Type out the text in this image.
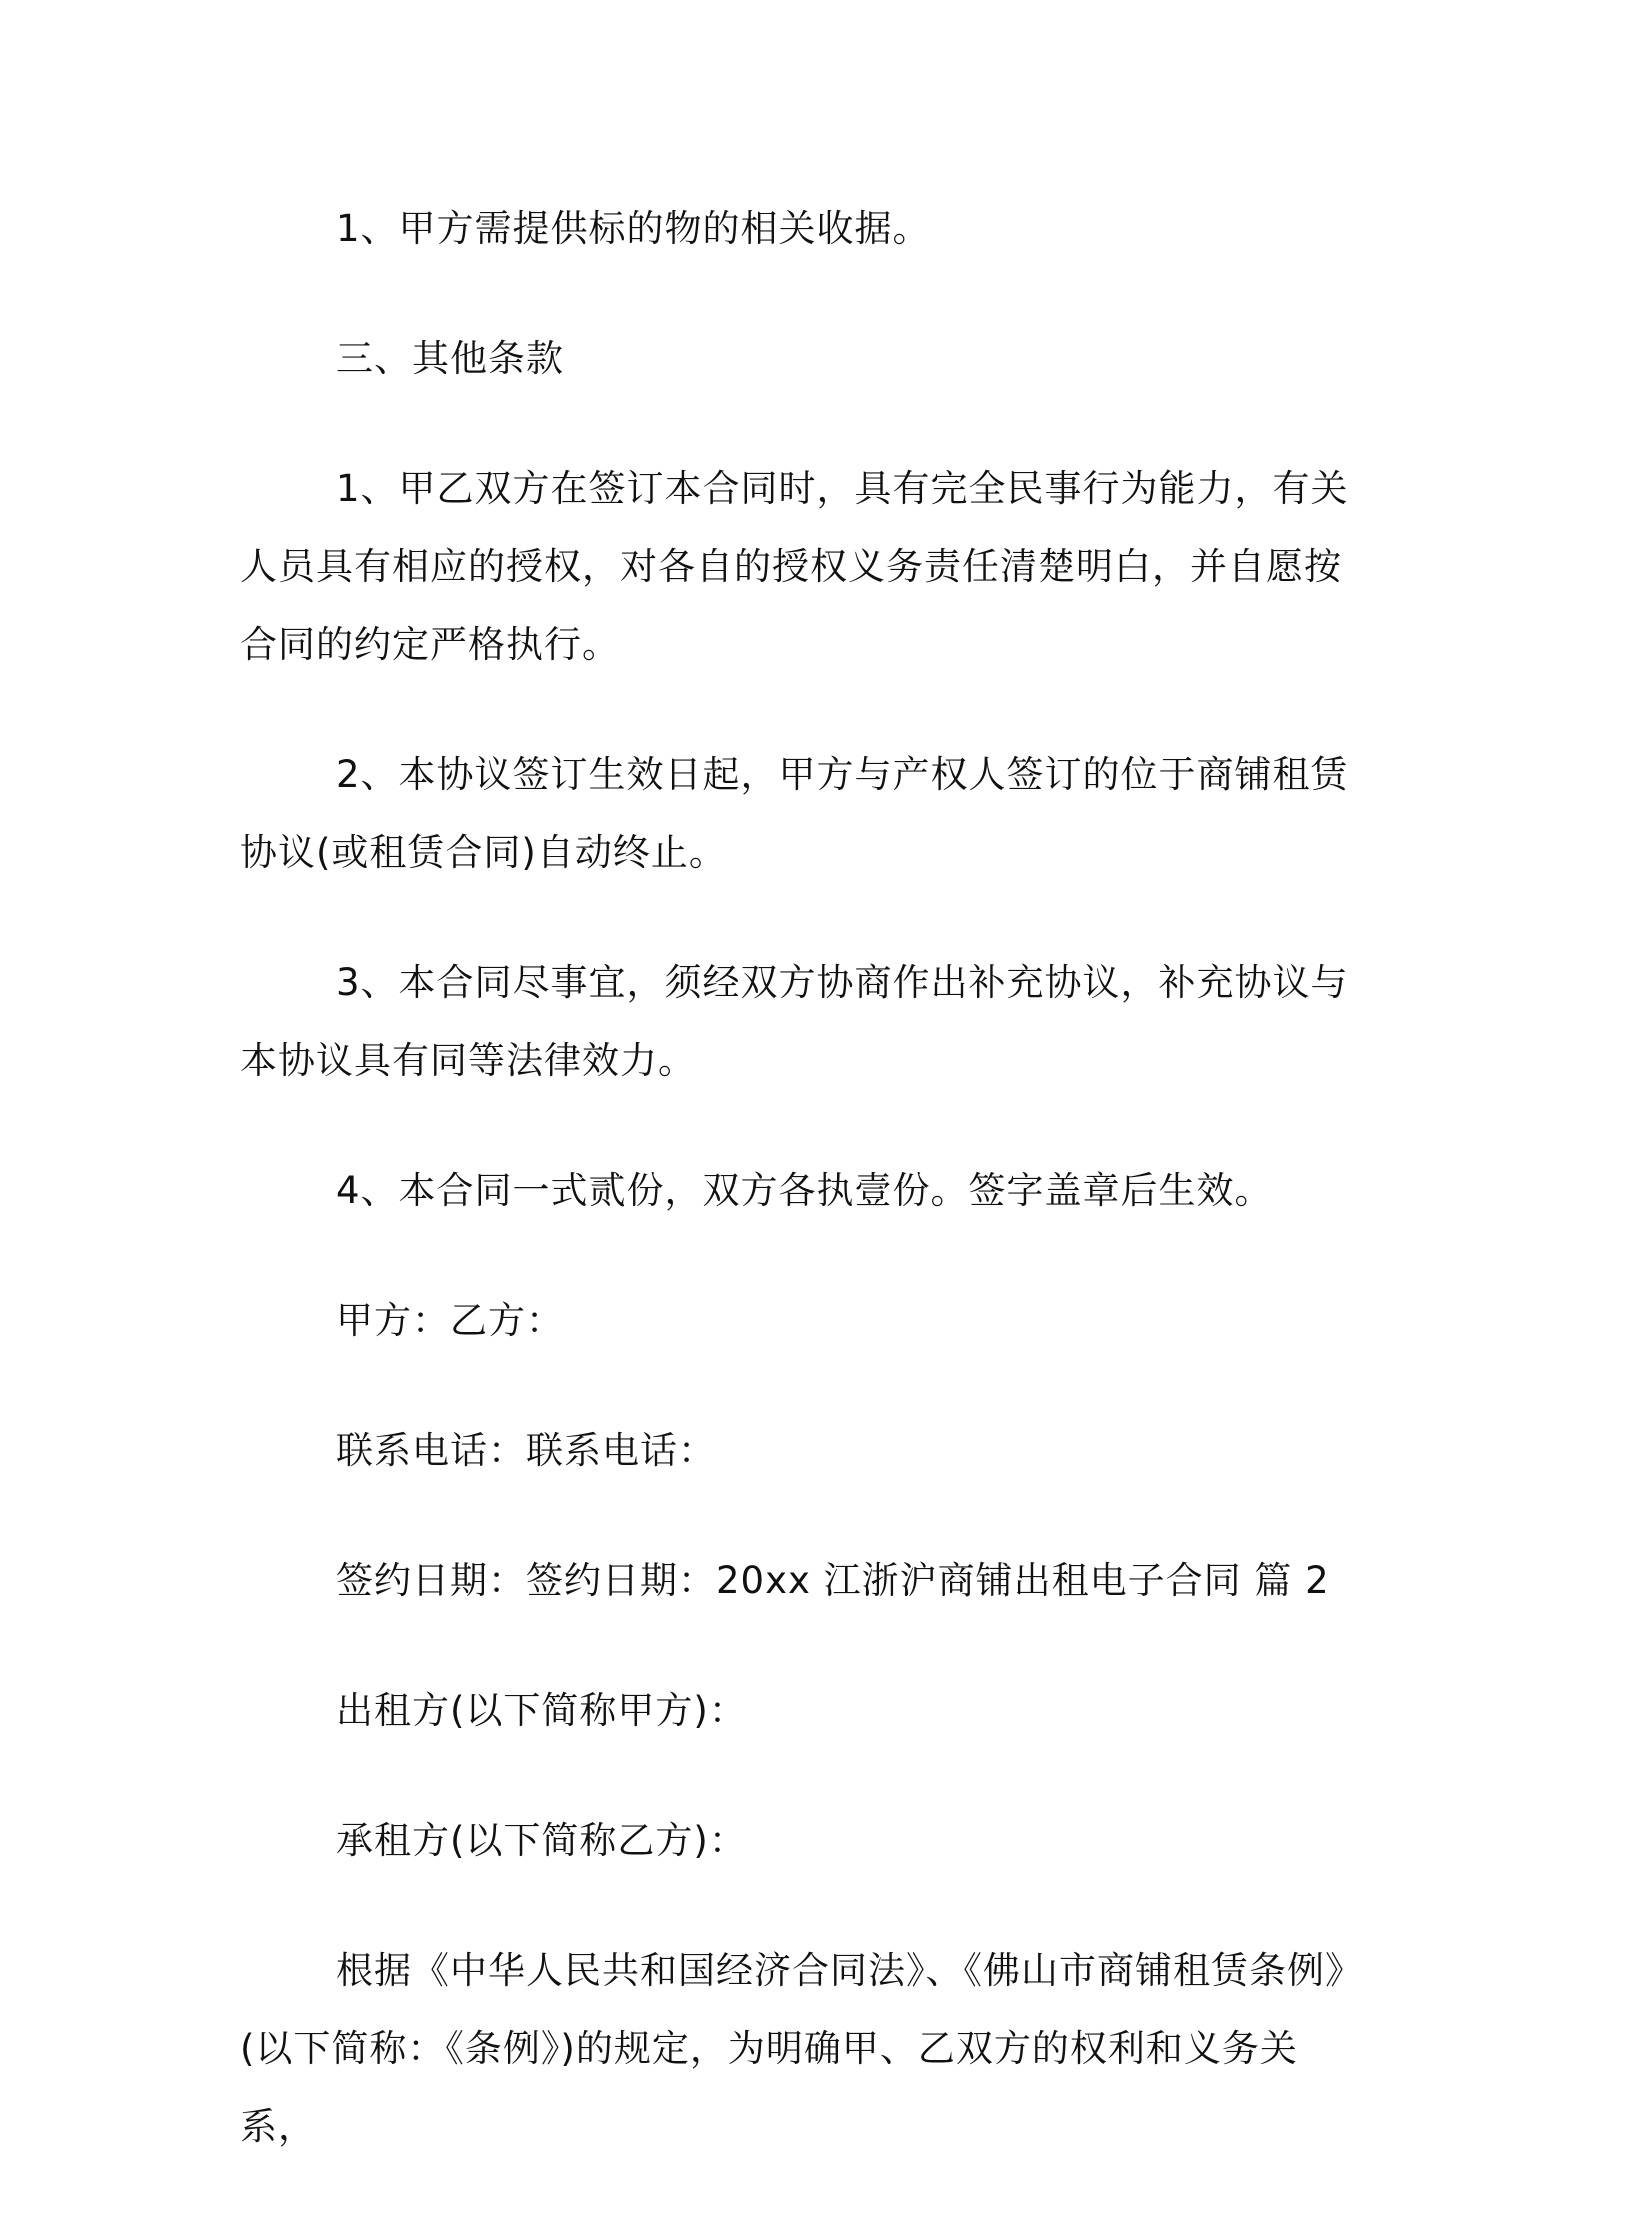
1、甲方需提供标的物的相关收据。

三、其他条款

1、甲乙双方在签订本合同时，具有完全民事行为能力，有关人员具有相应的授权，对各自的授权义务责任清楚明白，并自愿按合同的约定严格执行。

2、本协议签订生效日起，甲方与产权人签订的位于商铺租赁协议(或租赁合同)自动终止。

3、本合同尽事宜，须经双方协商作出补充协议，补充协议与本协议具有同等法律效力。

4、本合同一式贰份，双方各执壹份。签字盖章后生效。

甲方：乙方：

联系电话：联系电话：

签约日期：签约日期：20xx 江浙沪商铺出租电子合同 篇 2

出租方(以下简称甲方)：

承租方(以下简称乙方)：

根据《中华人民共和国经济合同法》、《佛山市商铺租赁条例》(以下简称：《条例》)的规定，为明确甲、乙双方的权利和义务关系，
